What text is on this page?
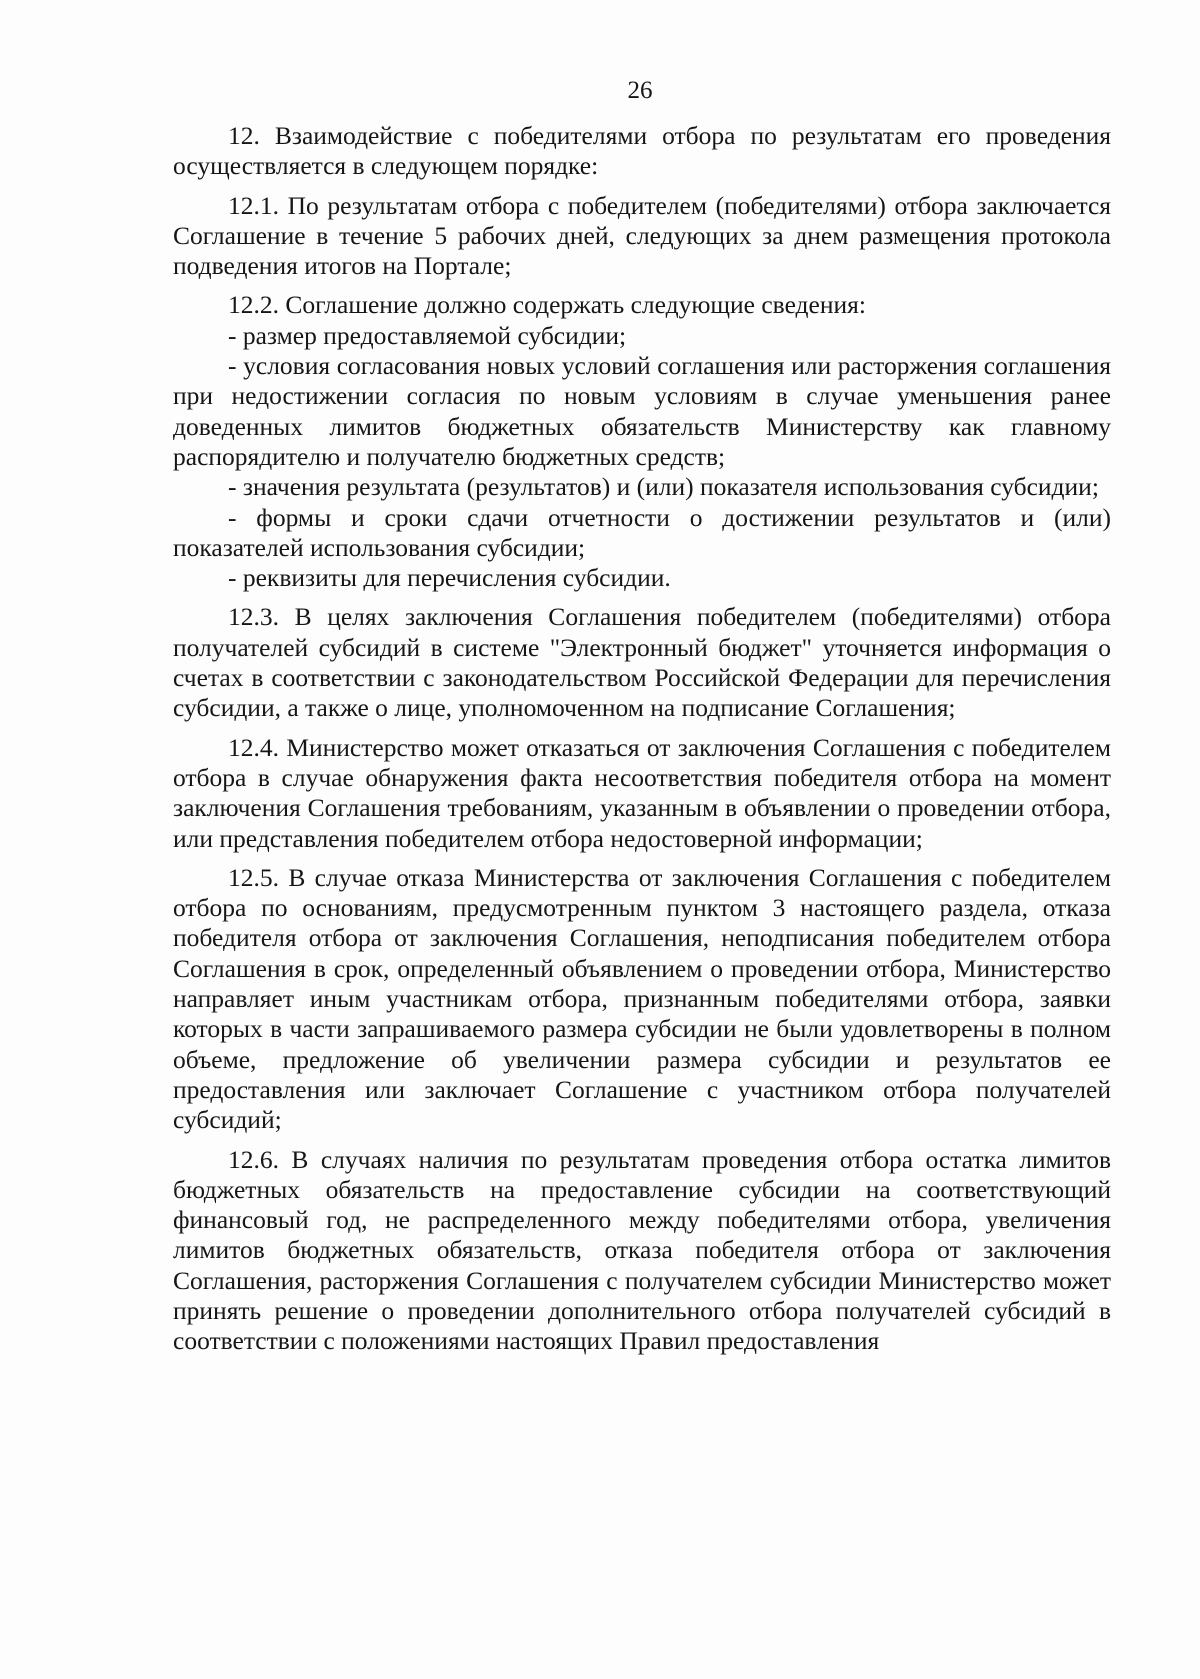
26

12. Взаимодействие с победителями отбора по результатам его проведения осуществляется в следующем порядке:

12.1. По результатам отбора с победителем (победителями) отбора заключается Соглашение в течение 5 рабочих дней, следующих за днем размещения протокола подведения итогов на Портале;

12.2. Соглашение должно содержать следующие сведения:

- размер предоставляемой субсидии;

- условия согласования новых условий соглашения или расторжения соглашения при недостижении согласия по новым условиям в случае уменьшения ранее доведенных лимитов бюджетных обязательств Министерству как главному распорядителю и получателю бюджетных средств;

- значения результата (результатов) и (или) показателя использования субсидии;

- формы и сроки сдачи отчетности о достижении результатов и (или) показателей использования субсидии;

- реквизиты для перечисления субсидии.

12.3. В целях заключения Соглашения победителем (победителями) отбора получателей субсидий в системе "Электронный бюджет" уточняется информация о счетах в соответствии с законодательством Российской Федерации для перечисления субсидии, а также о лице, уполномоченном на подписание Соглашения;

12.4. Министерство может отказаться от заключения Соглашения с победителем отбора в случае обнаружения факта несоответствия победителя отбора на момент заключения Соглашения требованиям, указанным в объявлении о проведении отбора, или представления победителем отбора недостоверной информации;

12.5. В случае отказа Министерства от заключения Соглашения с победителем отбора по основаниям, предусмотренным пунктом 3 настоящего раздела, отказа победителя отбора от заключения Соглашения, неподписания победителем отбора Соглашения в срок, определенный объявлением о проведении отбора, Министерство направляет иным участникам отбора, признанным победителями отбора, заявки которых в части запрашиваемого размера субсидии не были удовлетворены в полном объеме, предложение об увеличении размера субсидии и результатов ее предоставления или заключает Соглашение с участником отбора получателей субсидий;

12.6. В случаях наличия по результатам проведения отбора остатка лимитов бюджетных обязательств на предоставление субсидии на соответствующий финансовый год, не распределенного между победителями отбора, увеличения лимитов бюджетных обязательств, отказа победителя отбора от заключения Соглашения, расторжения Соглашения с получателем субсидии Министерство может принять решение о проведении дополнительного отбора получателей субсидий в соответствии с положениями настоящих Правил предоставления
